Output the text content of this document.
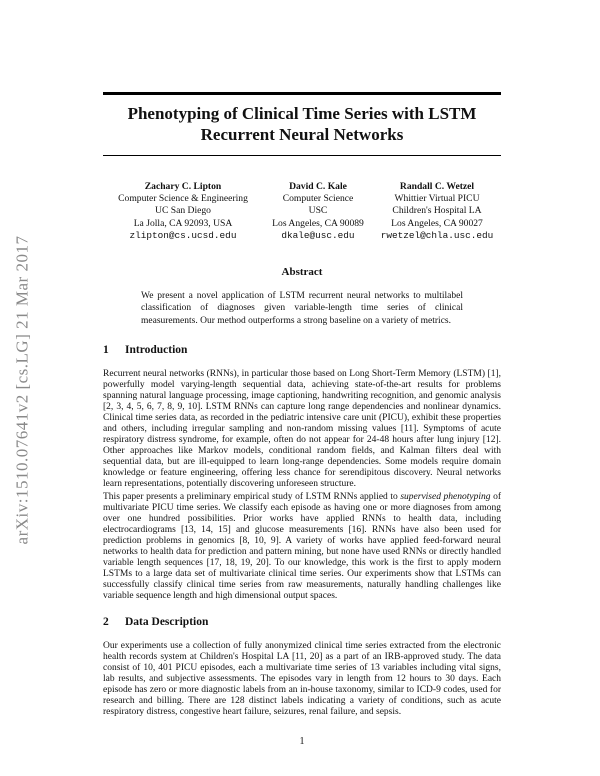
arXiv:1510.07641v2 [cs.LG] 21 Mar 2017
Phenotyping of Clinical Time Series with LSTM Recurrent Neural Networks
Zachary C. Lipton
Computer Science & Engineering
UC San Diego
La Jolla, CA 92093, USA
zlipton@cs.ucsd.edu
David C. Kale
Computer Science
USC
Los Angeles, CA 90089
dkale@usc.edu
Randall C. Wetzel
Whittier Virtual PICU
Children's Hospital LA
Los Angeles, CA 90027
rwetzel@chla.usc.edu
Abstract

We present a novel application of LSTM recurrent neural networks to multilabel classification of diagnoses given variable-length time series of clinical measurements. Our method outperforms a strong baseline on a variety of metrics.

1 Introduction

Recurrent neural networks (RNNs), in particular those based on Long Short-Term Memory (LSTM) [1], powerfully model varying-length sequential data, achieving state-of-the-art results for problems spanning natural language processing, image captioning, handwriting recognition, and genomic analysis [2, 3, 4, 5, 6, 7, 8, 9, 10]. LSTM RNNs can capture long range dependencies and nonlinear dynamics. Clinical time series data, as recorded in the pediatric intensive care unit (PICU), exhibit these properties and others, including irregular sampling and non-random missing values [11]. Symptoms of acute respiratory distress syndrome, for example, often do not appear for 24-48 hours after lung injury [12]. Other approaches like Markov models, conditional random fields, and Kalman filters deal with sequential data, but are ill-equipped to learn long-range dependencies. Some models require domain knowledge or feature engineering, offering less chance for serendipitous discovery. Neural networks learn representations, potentially discovering unforeseen structure.

This paper presents a preliminary empirical study of LSTM RNNs applied to supervised phenotyping of multivariate PICU time series. We classify each episode as having one or more diagnoses from among over one hundred possibilities. Prior works have applied RNNs to health data, including electrocardiograms [13, 14, 15] and glucose measurements [16]. RNNs have also been used for prediction problems in genomics [8, 10, 9]. A variety of works have applied feed-forward neural networks to health data for prediction and pattern mining, but none have used RNNs or directly handled variable length sequences [17, 18, 19, 20]. To our knowledge, this work is the first to apply modern LSTMs to a large data set of multivariate clinical time series. Our experiments show that LSTMs can successfully classify clinical time series from raw measurements, naturally handling challenges like variable sequence length and high dimensional output spaces.

2 Data Description

Our experiments use a collection of fully anonymized clinical time series extracted from the electronic health records system at Children's Hospital LA [11, 20] as a part of an IRB-approved study. The data consist of 10, 401 PICU episodes, each a multivariate time series of 13 variables including vital signs, lab results, and subjective assessments. The episodes vary in length from 12 hours to 30 days. Each episode has zero or more diagnostic labels from an in-house taxonomy, similar to ICD-9 codes, used for research and billing. There are 128 distinct labels indicating a variety of conditions, such as acute respiratory distress, congestive heart failure, seizures, renal failure, and sepsis.

1
